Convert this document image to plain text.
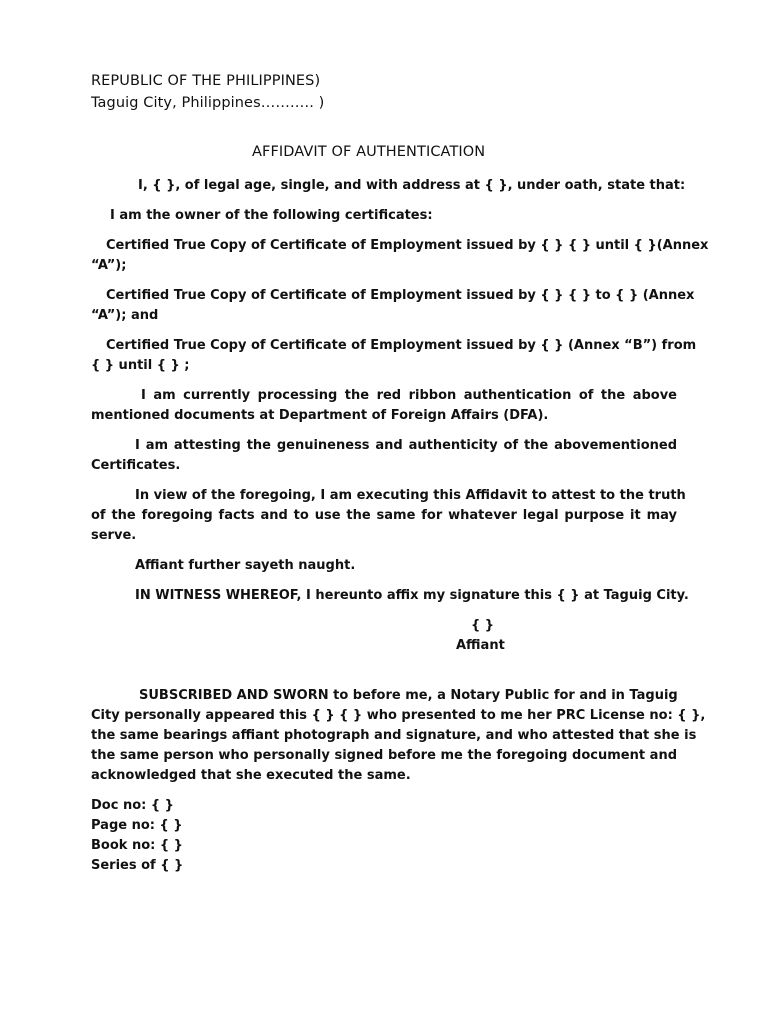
REPUBLIC OF THE PHILIPPINES)
Taguig City, Philippines……….. )
AFFIDAVIT OF AUTHENTICATION
I, { }, of legal age, single, and with address at { }, under oath, state that:
I am the owner of the following certificates:
Certified True Copy of Certificate of Employment issued by { } { } until { }(Annex
“A”);
Certified True Copy of Certificate of Employment issued by { } { } to { } (Annex
“A”); and
Certified True Copy of Certificate of Employment issued by { } (Annex “B”) from
{ } until { } ;
I am currently processing the red ribbon authentication of the above
mentioned documents at Department of Foreign Affairs (DFA).
I am attesting the genuineness and authenticity of the abovementioned
Certificates.
In view of the foregoing, I am executing this Affidavit to attest to the truth
of the foregoing facts and to use the same for whatever legal purpose it may
serve.
Affiant further sayeth naught.
IN WITNESS WHEREOF, I hereunto affix my signature this { } at Taguig City.
{ }
Affiant
SUBSCRIBED AND SWORN to before me, a Notary Public for and in Taguig
City personally appeared this { } { } who presented to me her PRC License no: { },
the same bearings affiant photograph and signature, and who attested that she is
the same person who personally signed before me the foregoing document and
acknowledged that she executed the same.
Doc no: { }
Page no: { }
Book no: { }
Series of { }
